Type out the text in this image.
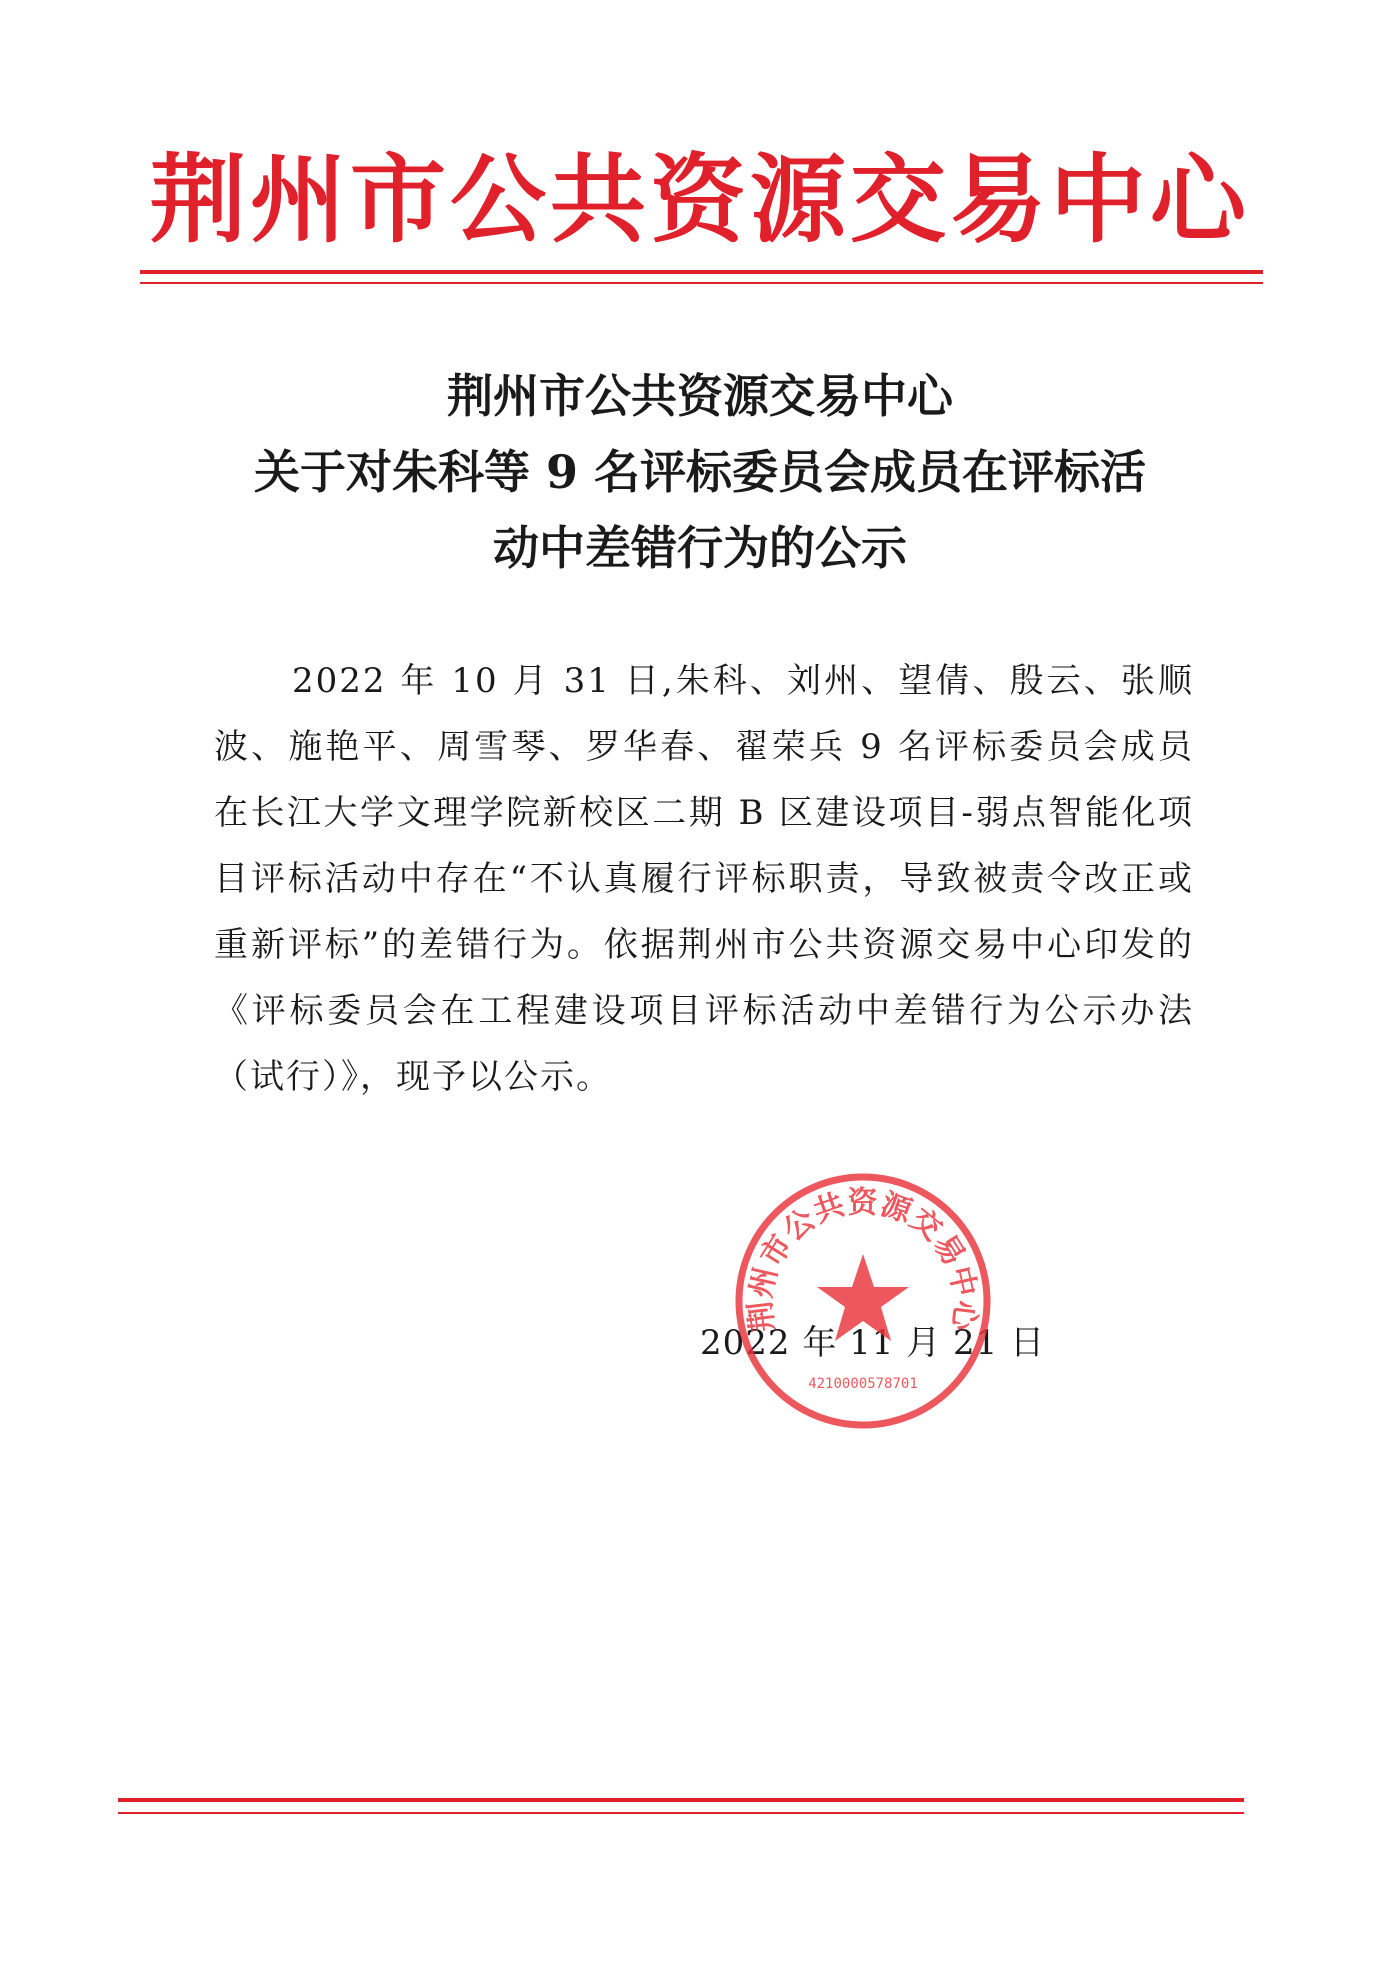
荆州市公共资源交易中心
荆州市公共资源交易中心
关于对朱科等 9 名评标委员会成员在评标活
动中差错行为的公示
2022 年 10 月 31 日,朱科、刘州、望倩、殷云、张顺波、施艳平、周雪琴、罗华春、翟荣兵 9 名评标委员会成员在长江大学文理学院新校区二期 B 区建设项目-弱点智能化项目评标活动中存在“不认真履行评标职责，导致被责令改正或重新评标”的差错行为。依据荆州市公共资源交易中心印发的《评标委员会在工程建设项目评标活动中差错行为公示办法（试行）》，现予以公示。
2022 年 11 月 21 日
荆州市公共资源交易中心
4210000578701
